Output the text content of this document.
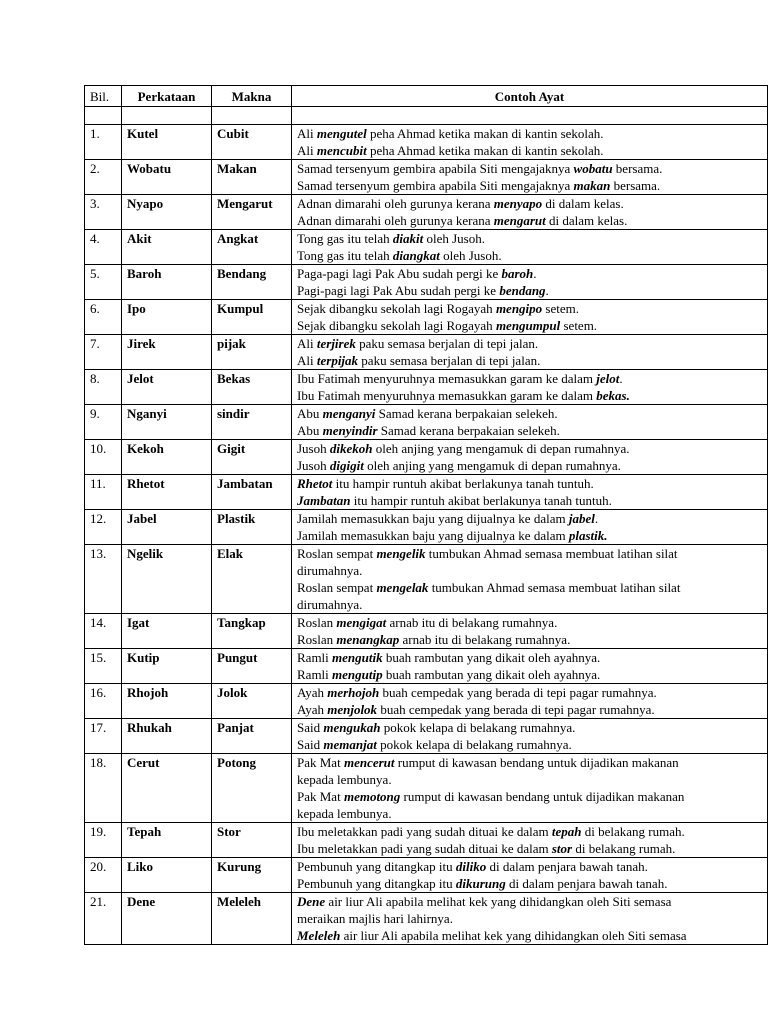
Bil.	Perkataan	Makna	Contoh Ayat

1.	Kutel	Cubit	Ali mengutel peha Ahmad ketika makan di kantin sekolah.
Ali mencubit peha Ahmad ketika makan di kantin sekolah.

2.	Wobatu	Makan	Samad tersenyum gembira apabila Siti mengajaknya wobatu bersama.
Samad tersenyum gembira apabila Siti mengajaknya makan bersama.

3.	Nyapo	Mengarut	Adnan dimarahi oleh gurunya kerana menyapo di dalam kelas.
Adnan dimarahi oleh gurunya kerana mengarut di dalam kelas.

4.	Akit	Angkat	Tong gas itu telah diakit oleh Jusoh.
Tong gas itu telah diangkat oleh Jusoh.

5.	Baroh	Bendang	Paga-pagi lagi Pak Abu sudah pergi ke baroh.
Pagi-pagi lagi Pak Abu sudah pergi ke bendang.

6.	Ipo	Kumpul	Sejak dibangku sekolah lagi Rogayah mengipo setem.
Sejak dibangku sekolah lagi Rogayah mengumpul setem.

7.	Jirek	pijak	Ali terjirek paku semasa berjalan di tepi jalan.
Ali terpijak paku semasa berjalan di tepi jalan.

8.	Jelot	Bekas	Ibu Fatimah menyuruhnya memasukkan garam ke dalam jelot.
Ibu Fatimah menyuruhnya memasukkan garam ke dalam bekas.

9.	Nganyi	sindir	Abu menganyi Samad kerana berpakaian selekeh.
Abu menyindir Samad kerana berpakaian selekeh.

10.	Kekoh	Gigit	Jusoh dikekoh oleh anjing yang mengamuk di depan rumahnya.
Jusoh digigit oleh anjing yang mengamuk di depan rumahnya.

11.	Rhetot	Jambatan	Rhetot itu hampir runtuh akibat berlakunya tanah tuntuh.
Jambatan itu hampir runtuh akibat berlakunya tanah tuntuh.

12.	Jabel	Plastik	Jamilah memasukkan baju yang dijualnya ke dalam jabel.
Jamilah memasukkan baju yang dijualnya ke dalam plastik.

13.	Ngelik	Elak	Roslan sempat mengelik tumbukan Ahmad semasa membuat latihan silat
dirumahnya.
Roslan sempat mengelak tumbukan Ahmad semasa membuat latihan silat
dirumahnya.

14.	Igat	Tangkap	Roslan mengigat arnab itu di belakang rumahnya.
Roslan menangkap arnab itu di belakang rumahnya.

15.	Kutip	Pungut	Ramli mengutik buah rambutan yang dikait oleh ayahnya.
Ramli mengutip buah rambutan yang dikait oleh ayahnya.

16.	Rhojoh	Jolok	Ayah merhojoh buah cempedak yang berada di tepi pagar rumahnya.
Ayah menjolok buah cempedak yang berada di tepi pagar rumahnya.

17.	Rhukah	Panjat	Said mengukah pokok kelapa di belakang rumahnya.
Said memanjat pokok kelapa di belakang rumahnya.

18.	Cerut	Potong	Pak Mat mencerut rumput di kawasan bendang untuk dijadikan makanan
kepada lembunya.
Pak Mat memotong rumput di kawasan bendang untuk dijadikan makanan
kepada lembunya.

19.	Tepah	Stor	Ibu meletakkan padi yang sudah dituai ke dalam tepah di belakang rumah.
Ibu meletakkan padi yang sudah dituai ke dalam stor di belakang rumah.

20.	Liko	Kurung	Pembunuh yang ditangkap itu diliko di dalam penjara bawah tanah.
Pembunuh yang ditangkap itu dikurung di dalam penjara bawah tanah.

21.	Dene	Meleleh	Dene air liur Ali apabila melihat kek yang dihidangkan oleh Siti semasa
meraikan majlis hari lahirnya.
Meleleh air liur Ali apabila melihat kek yang dihidangkan oleh Siti semasa
